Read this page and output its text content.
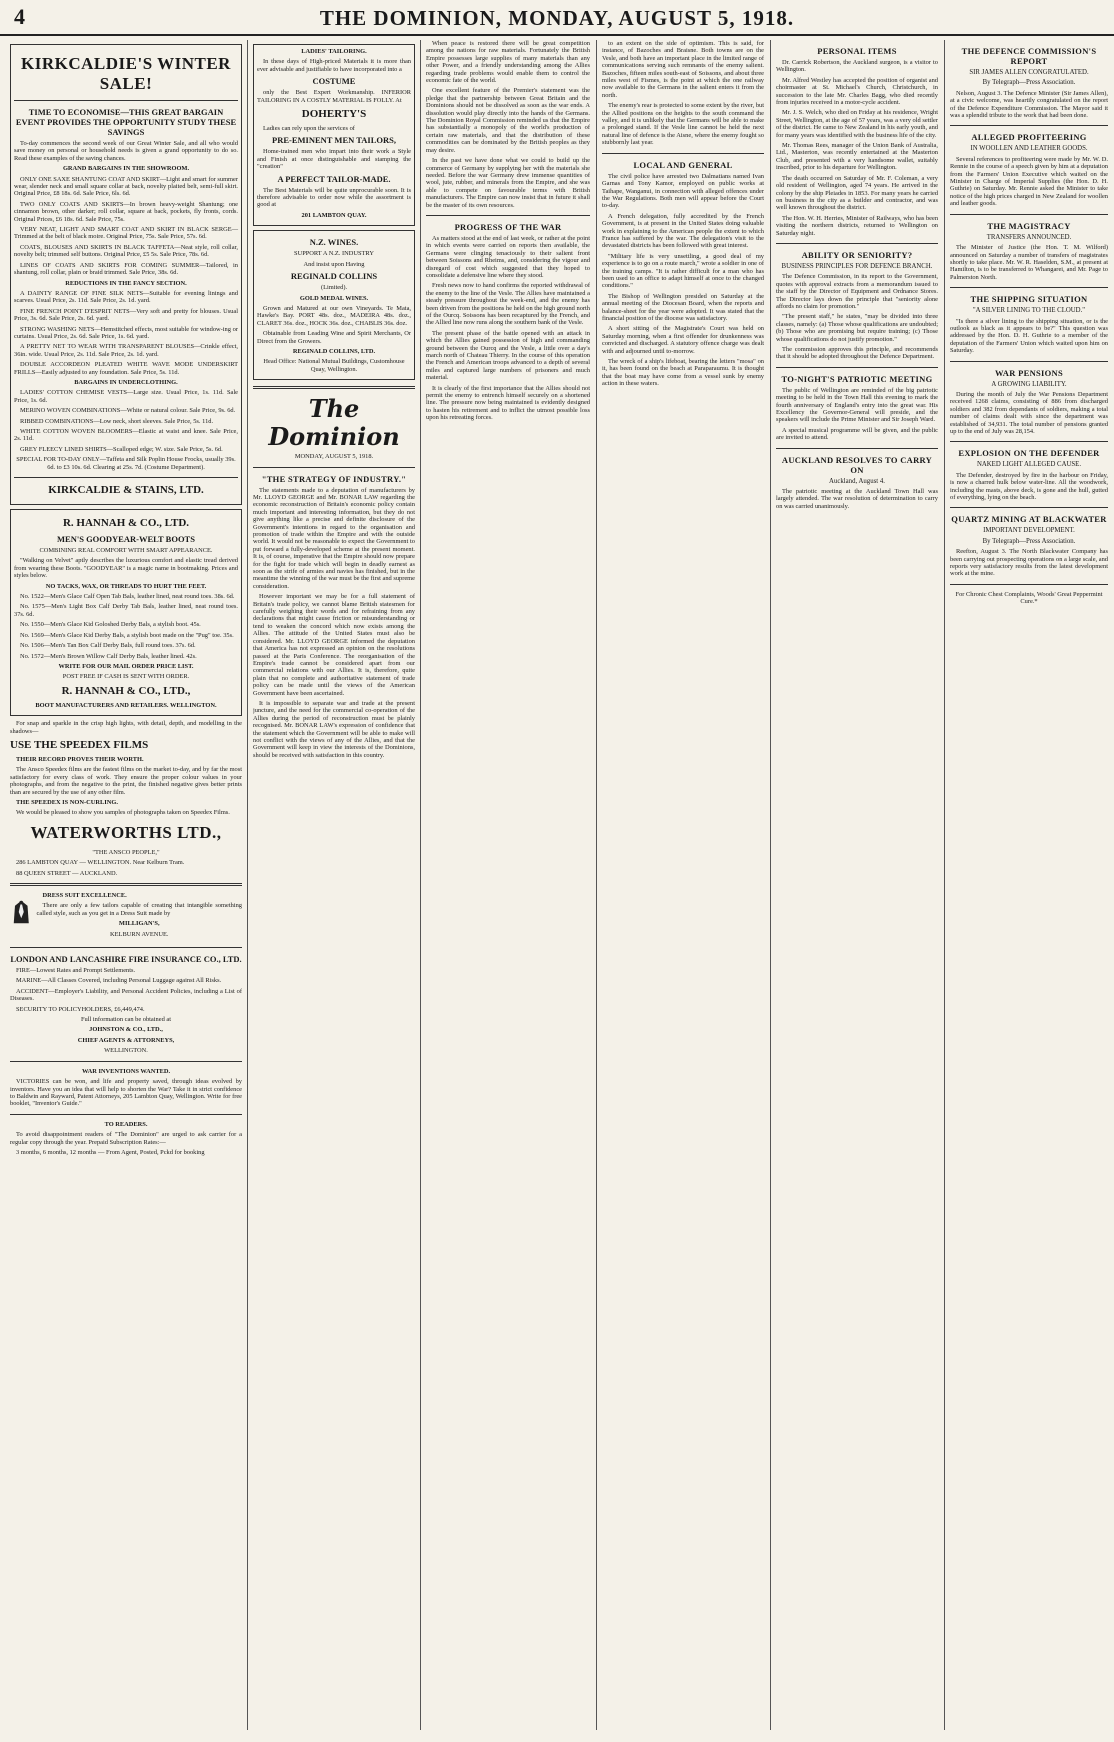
4	THE DOMINION, MONDAY, AUGUST 5, 1918.
KIRKCALDIE'S WINTER SALE!
TIME TO ECONOMISE—THIS GREAT BARGAIN EVENT PROVIDES THE OPPORTUNITY STUDY THESE SAVINGS

To-day commences the second week of our Great Winter Sale, and all who would save money on personal or household needs is given a grand opportunity to do so. Read these examples of the saving chances.

GRAND BARGAINS IN THE SHOWROOM.

ONLY ONE SAXE SHANTUNG COAT AND SKIRT—Light and smart for summer wear, slender neck and small square collar at back, novelty plaited belt, semi-full skirt. Original Price, £8 18s. 6d. Sale Price, 6ls. 6d.

TWO ONLY COATS AND SKIRTS—In brown heavy-weight Shantung; one cinnamon brown, other darker; roll collar, square at back, pockets, fly fronts, cords. Original Prices, £6 18s. 6d. Sale Price, 75s.

VERY NEAT, LIGHT AND SMART COAT AND SKIRT IN BLACK SERGE—Trimmed at the belt of black moire. Original Price, 75s. Sale Price, 57s. 6d.

COATS, BLOUSES AND SKIRTS IN BLACK TAFFETA—Neat style, roll collar, novelty belt; trimmed self buttons. Original Price, £5 5s. Sale Price, 78s. 6d.

LINES OF COATS AND SKIRTS FOR COMING SUMMER—Tailored, in shantung, roll collar, plain or braid trimmed. Sale Price, 38s. 6d.

REDUCTIONS IN THE FANCY SECTION.

A DAINTY RANGE OF FINE SILK NETS—Suitable for evening linings and scarves. Usual Price, 2s. 11d. Sale Price, 2s. 1d. yard.

FINE FRENCH POINT D'ESPRIT NETS—Very soft and pretty for blouses. Usual Price, 3s. 6d. Sale Price, 2s. 6d. yard.

STRONG WASHING NETS—Hemstitched effects, most suitable for window-ing or curtains. Usual Price, 2s. 6d. Sale Price, 1s. 6d. yard.

A PRETTY NET TO WEAR WITH TRANSPARENT BLOUSES—Crinkle effect, 36in. wide. Usual Price, 2s. 11d. Sale Price, 2s. 1d. yard.

DOUBLE ACCORDEON PLEATED WHITE WAVE MODE UNDERSKIRT FRILLS—Easily adjusted to any foundation. Sale Price, 5s. 11d.

BARGAINS IN UNDERCLOTHING.

LADIES' COTTON CHEMISE VESTS—Large size. Usual Price, 1s. 11d. Sale Price, 1s. 6d.

MERINO WOVEN COMBINATIONS—White or natural colour. Sale Price, 9s. 6d.

RIBBED COMBINATIONS—Low neck, short sleeves. Sale Price, 5s. 11d.

WHITE COTTON WOVEN BLOOMERS—Elastic at waist and knee. Sale Price, 2s. 11d.

GREY FLEECY LINED SHIRTS—Scalloped edge; W. size. Sale Price, 5s. 6d.

SPECIAL FOR TO-DAY ONLY—Taffeta and Silk Poplin House Frocks, usually 39s. 6d. to £3 10s. 6d. Clearing at 25s. 7d. (Costume Department).

KIRKCALDIE & STAINS, LTD.
R. HANNAH & CO., LTD.
MEN'S GOODYEAR-WELT BOOTS

COMBINING REAL COMFORT WITH SMART APPEARANCE.

"Walking on Velvet" aptly describes the luxurious comfort and elastic tread derived from wearing these Boots. "GOODYEAR" is a magic name in bootmaking. Prices and styles below.

NO TACKS, WAX, OR THREADS TO HURT THE FEET.

No. 1522—Men's Glace Calf Open Tab Bals, leather lined, neat round toes. 38s. 6d.

No. 1575—Men's Light Box Calf Derby Tab Bals, leather lined, neat round toes. 37s. 6d.

No. 1550—Men's Glace Kid Goloshed Derby Bals, a stylish boot. 45s.

No. 1569—Men's Glace Kid Derby Bals, a stylish boot made on the "Pug" toe. 35s.

No. 1506—Men's Tan Box Calf Derby Bals, full round toes. 37s. 6d.

No. 1572—Men's Brown Willow Calf Derby Bals, leather lined. 42s.

WRITE FOR OUR MAIL ORDER PRICE LIST.

POST FREE IF CASH IS SENT WITH ORDER.

R. HANNAH & CO., LTD.,

BOOT MANUFACTURERS AND RETAILERS. WELLINGTON.

For snap and sparkle in the crisp high lights, with detail, depth, and modelling in the shadows—

USE THE SPEEDEX FILMS

THEIR RECORD PROVES THEIR WORTH.

The Ansco Speedex films are the fastest films on the market to-day, and by far the most satisfactory for every class of work. They ensure the proper colour values in your photographs, and from the negative to the print, the finished negative gives better prints than are secured by the use of any other film.

THE SPEEDEX IS NON-CURLING.

We would be pleased to show you samples of photographs taken on Speedex Films.

WATERWORTHS LTD.,

"THE ANSCO PEOPLE,"

286 LAMBTON QUAY — WELLINGTON. Near Kelburn Tram.

88 QUEEN STREET — AUCKLAND.

DRESS SUIT EXCELLENCE.

There are only a few tailors capable of creating that intangible something called style, such as you get in a Dress Suit made by

MILLIGAN'S,

KELBURN AVENUE.

LONDON AND LANCASHIRE FIRE INSURANCE CO., LTD.

FIRE—Lowest Rates and Prompt Settlements.

MARINE—All Classes Covered, including Personal Luggage against All Risks.

ACCIDENT—Employer's Liability, and Personal Accident Policies, including a List of Diseases.

SECURITY TO POLICYHOLDERS, £6,449,474.

Full information can be obtained at

JOHNSTON & CO., LTD.,

CHIEF AGENTS & ATTORNEYS,

WELLINGTON.

WAR INVENTIONS WANTED.

VICTORIES can be won, and life and property saved, through ideas evolved by inventors. Have you an idea that will help to shorten the War? Take it in strict confidence to Baldwin and Rayward, Patent Attorneys, 205 Lambton Quay, Wellington. Write for free booklet, "Inventor's Guide."

TO READERS.

To avoid disappointment readers of "The Dominion" are urged to ask carrier for a regular copy through the year. Prepaid Subscription Rates:—

3 months, 6 months, 12 months — From Agent, Posted, Pckd for booking

LADIES' TAILORING.

In these days of High-priced Materials it is more than ever advisable and justifiable to have incorporated into a

COSTUME

only the Best Expert Workmanship. INFERIOR TAILORING IN A COSTLY MATERIAL IS FOLLY. At

DOHERTY'S

Ladies can rely upon the services of

PRE-EMINENT MEN TAILORS,

Home-trained men who impart into their work a Style and Finish at once distinguishable and stamping the "creation"

A PERFECT TAILOR-MADE.

The Best Materials will be quite unprocurable soon. It is therefore advisable to order now while the assortment is good at

201 LAMBTON QUAY.

N.Z. WINES.

SUPPORT A N.Z. INDUSTRY

And insist upon Having

REGINALD COLLINS

(Limited).

GOLD MEDAL WINES.

Grown and Matured at our own Vineyards. Te Mata, Hawke's Bay. PORT 48s. doz., MADEIRA 48s. doz., CLARET 36s. doz., HOCK 36s. doz., CHABLIS 36s. doz.

Obtainable from Leading Wine and Spirit Merchants, Or Direct from the Growers.

REGINALD COLLINS, LTD.

Head Office: National Mutual Buildings, Customhouse Quay, Wellington.

The Dominion

MONDAY, AUGUST 5, 1918.

"THE STRATEGY OF INDUSTRY."

The statements made to a deputation of manufacturers by Mr. LLOYD GEORGE and Mr. BONAR LAW regarding the economic reconstruction of Britain's economic policy contain much important and interesting information, but they do not give anything like a precise and definite disclosure of the Government's intentions in regard to the organisation and promotion of trade within the Empire and with the outside world. It would not be reasonable to expect the Government to put forward a fully-developed scheme at the present moment. It is, of course, imperative that the Empire should now prepare for the fight for trade which will begin in deadly earnest as soon as the strife of armies and navies has finished, but in the meantime the winning of the war must be the first and supreme consideration.

However important we may be for a full statement of Britain's trade policy, we cannot blame British statesmen for carefully weighing their words and for refraining from any declarations that might cause friction or misunderstanding or tend to weaken the concord which now exists among the Allies. The attitude of the United States must also be considered. Mr. LLOYD GEORGE informed the deputation that America has not expressed an opinion on the resolutions passed at the Paris Conference. The reorganisation of the Empire's trade cannot be considered apart from our commercial relations with our Allies. It is, therefore, quite plain that no complete and authoritative statement of trade policy can be made until the views of the American Government have been ascertained.

It is impossible to separate war and trade at the present juncture, and the need for the commercial co-operation of the Allies during the period of reconstruction must be plainly recognised. Mr. BONAR LAW's expression of confidence that the statement which the Government will be able to make will not conflict with the views of any of the Allies, and that the Government will keep in view the interests of the Dominions, should be received with satisfaction in this country.

When peace is restored there will be great competition among the nations for raw materials. Fortunately the British Empire possesses large supplies of many materials than any other Power, and a friendly understanding among the Allies regarding trade problems would enable them to control the economic fate of the world.

One excellent feature of the Premier's statement was the pledge that the partnership between Great Britain and the Dominions should not be dissolved as soon as the war ends. A dissolution would play directly into the hands of the Germans. The Dominion Royal Commission reminded us that the Empire has substantially a monopoly of the world's production of certain raw materials, and that the distribution of these commodities can be dominated by the British peoples as they may desire.

In the past we have done what we could to build up the commerce of Germany by supplying her with the materials she needed. Before the war Germany drew immense quantities of wool, jute, rubber, and minerals from the Empire, and she was able to compete on favourable terms with British manufacturers. The Empire can now insist that in future it shall be the master of its own resources.

PROGRESS OF THE WAR

As matters stood at the end of last week, or rather at the point in which events were carried on reports then available, the Germans were clinging tenaciously to their salient front between Soissons and Rheims, and, considering the vigour and disregard of cost which suggested that they hoped to consolidate a defensive line where they stood.

Fresh news now to hand confirms the reported withdrawal of the enemy to the line of the Vesle. The Allies have maintained a steady pressure throughout the week-end, and the enemy has been driven from the positions he held on the high ground north of the Ourcq. Soissons has been recaptured by the French, and the Allied line now runs along the southern bank of the Vesle.

The present phase of the battle opened with an attack in which the Allies gained possession of high and commanding ground between the Ourcq and the Vesle, a little over a day's march north of Chateau Thierry. In the course of this operation the French and American troops advanced to a depth of several miles and captured large numbers of prisoners and much material.

It is clearly of the first importance that the Allies should not permit the enemy to entrench himself securely on a shortened line. The pressure now being maintained is evidently designed to hasten his retirement and to inflict the utmost possible loss upon his retreating forces.

to an extent on the side of optimism. This is said, for instance, of Bazoches and Braisne. Both towns are on the Vesle, and both have an important place in the limited range of communications serving such remnants of the enemy salient. Bazoches, fifteen miles south-east of Soissons, and about three miles west of Fismes, is the point at which the one railway now available to the Germans in the salient enters it from the north.

The enemy's rear is protected to some extent by the river, but the Allied positions on the heights to the south command the valley, and it is unlikely that the Germans will be able to make a prolonged stand. If the Vesle line cannot be held the next natural line of defence is the Aisne, where the enemy fought so stubbornly last year.

LOCAL AND GENERAL

The civil police have arrested two Dalmatians named Ivan Garnas and Tony Kamor, employed on public works at Taihape, Wanganui, in connection with alleged offences under the War Regulations. Both men will appear before the Court to-day.

A French delegation, fully accredited by the French Government, is at present in the United States doing valuable work in explaining to the American people the extent to which France has suffered by the war. The delegation's visit to the devastated districts has been followed with great interest.

"Military life is very unsettling, a good deal of my experience is to go on a route march," wrote a soldier in one of the training camps. "It is rather difficult for a man who has been used to an office to adapt himself at once to the changed conditions."

The Bishop of Wellington presided on Saturday at the annual meeting of the Diocesan Board, when the reports and balance-sheet for the year were adopted. It was stated that the financial position of the diocese was satisfactory.

A short sitting of the Magistrate's Court was held on Saturday morning, when a first offender for drunkenness was convicted and discharged. A statutory offence charge was dealt with and adjourned until to-morrow.

The wreck of a ship's lifeboat, bearing the letters "mosa" on it, has been found on the beach at Paraparaumu. It is thought that the boat may have come from a vessel sunk by enemy action in these waters.

PERSONAL ITEMS

Dr. Carrick Robertson, the Auckland surgeon, is a visitor to Wellington.

Mr. Alfred Westley has accepted the position of organist and choirmaster at St. Michael's Church, Christchurch, in succession to the late Mr. Charles Bagg, who died recently from injuries received in a motor-cycle accident.

Mr. J. S. Welch, who died on Friday at his residence, Wright Street, Wellington, at the age of 57 years, was a very old settler of the district. He came to New Zealand in his early youth, and for many years was identified with the business life of the city.

Mr. Thomas Rees, manager of the Union Bank of Australia, Ltd., Masterton, was recently entertained at the Masterton Club, and presented with a very handsome wallet, suitably inscribed, prior to his departure for Wellington.

The death occurred on Saturday of Mr. F. Coleman, a very old resident of Wellington, aged 74 years. He arrived in the colony by the ship Pleiades in 1853. For many years he carried on business in the city as a builder and contractor, and was well known throughout the district.

The Hon. W. H. Herries, Minister of Railways, who has been visiting the northern districts, returned to Wellington on Saturday night.

ABILITY OR SENIORITY?
BUSINESS PRINCIPLES FOR DEFENCE BRANCH.

The Defence Commission, in its report to the Government, quotes with approval extracts from a memorandum issued to the staff by the Director of Equipment and Ordnance Stores. The Director lays down the principle that "seniority alone affords no claim for promotion."

"The present staff," he states, "may be divided into three classes, namely: (a) Those whose qualifications are undoubted; (b) Those who are promising but require training; (c) Those whose qualifications do not justify promotion."

The commission approves this principle, and recommends that it should be adopted throughout the Defence Department.

TO-NIGHT'S PATRIOTIC MEETING

The public of Wellington are reminded of the big patriotic meeting to be held in the Town Hall this evening to mark the fourth anniversary of England's entry into the great war. His Excellency the Governor-General will preside, and the speakers will include the Prime Minister and Sir Joseph Ward.

A special musical programme will be given, and the public are invited to attend.

AUCKLAND RESOLVES TO CARRY ON
Auckland, August 4.

The patriotic meeting at the Auckland Town Hall was largely attended. The war resolution of determination to carry on was carried unanimously.

THE DEFENCE COMMISSION'S REPORT
SIR JAMES ALLEN CONGRATULATED.
By Telegraph—Press Association.

Nelson, August 3. The Defence Minister (Sir James Allen), at a civic welcome, was heartily congratulated on the report of the Defence Expenditure Commission. The Mayor said it was a splendid tribute to the work that had been done.

ALLEGED PROFITEERING
IN WOOLLEN AND LEATHER GOODS.

Several references to profiteering were made by Mr. W. D. Rennie in the course of a speech given by him at a deputation from the Farmers' Union Executive which waited on the Minister in Charge of Imperial Supplies (the Hon. D. H. Guthrie) on Saturday. Mr. Rennie asked the Minister to take notice of the high prices charged in New Zealand for woollen and leather goods.

THE MAGISTRACY
TRANSFERS ANNOUNCED.

The Minister of Justice (the Hon. T. M. Wilford) announced on Saturday a number of transfers of magistrates shortly to take place. Mr. W. R. Haselden, S.M., at present at Hamilton, is to be transferred to Whangarei, and Mr. Page to Palmerston North.

THE SHIPPING SITUATION
"A SILVER LINING TO THE CLOUD."

"Is there a silver lining to the shipping situation, or is the outlook as black as it appears to be?" This question was addressed by the Hon. D. H. Guthrie to a member of the deputation of the Farmers' Union which waited upon him on Saturday.

WAR PENSIONS
A GROWING LIABILITY.

During the month of July the War Pensions Department received 1268 claims, consisting of 886 from discharged soldiers and 382 from dependants of soldiers, making a total number of claims dealt with since the department was established of 34,931. The total number of pensions granted up to the end of July was 28,154.

EXPLOSION ON THE DEFENDER
NAKED LIGHT ALLEGED CAUSE.

The Defender, destroyed by fire in the harbour on Friday, is now a charred hulk below water-line. All the woodwork, including the masts, above deck, is gone and the hull, gutted of everything, lying on the beach.

QUARTZ MINING AT BLACKWATER
IMPORTANT DEVELOPMENT.
By Telegraph—Press Association.

Reefton, August 3. The North Blackwater Company has been carrying out prospecting operations on a large scale, and reports very satisfactory results from the latest development work at the mine.

For Chronic Chest Complaints, Woods' Great Peppermint Cure.*
